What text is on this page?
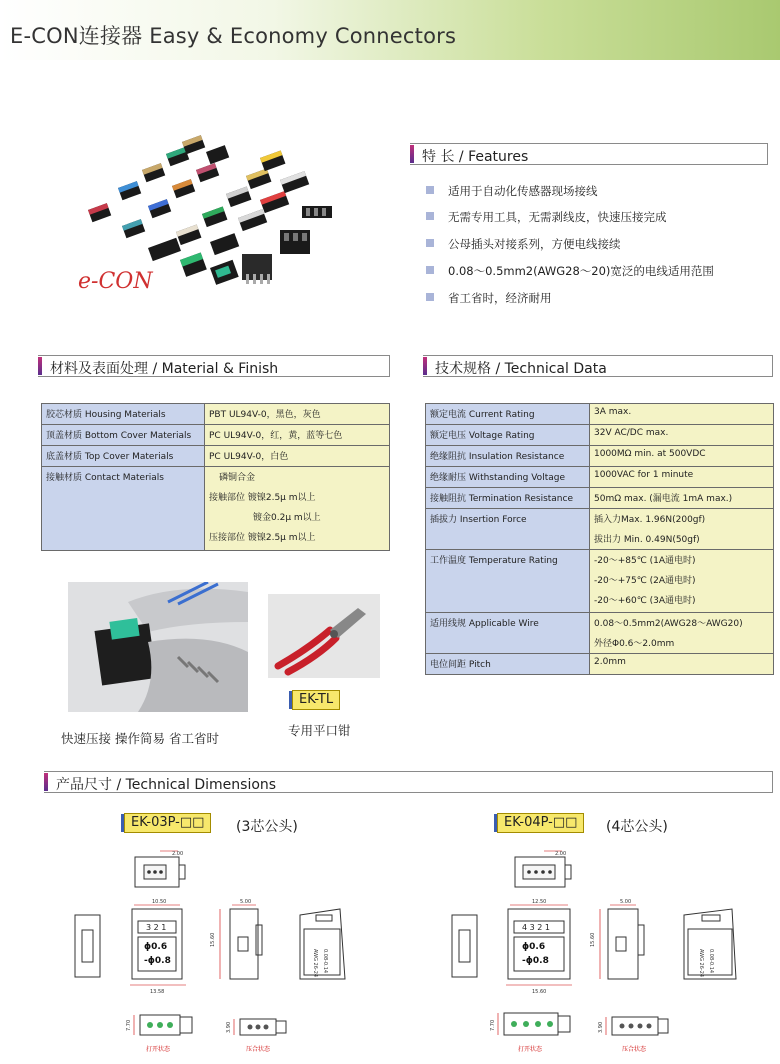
E-CON连接器 Easy & Economy Connectors
e-CON
特 长 / Features
适用于自动化传感器现场接线
无需专用工具，无需剥线皮，快速压接完成
公母插头对接系列，方便电线接续
0.08～0.5mm2(AWG28～20)宽泛的电线适用范围
省工省时，经济耐用
材料及表面处理 / Material & Finish
胶芯材质 Housing Materials	PBT UL94V-0，黑色，灰色
顶盖材质 Bottom Cover Materials	PC UL94V-0，红，黄，蓝等七色
底盖材质 Top Cover Materials	PC UL94V-0，白色
接触材质 Contact Materials	磷铜合金
接触部位 镀镍2.5μ m以上
镀金0.2μ m以上
压接部位 镀镍2.5μ m以上
技术规格 / Technical Data
额定电流 Current Rating	3A max.
额定电压 Voltage Rating	32V AC/DC max.
绝缘阻抗 Insulation Resistance	1000MΩ min. at 500VDC
绝缘耐压 Withstanding Voltage	1000VAC for 1 minute
接触阻抗 Termination Resistance	50mΩ max. (漏电流 1mA max.)
插拔力 Insertion Force	插入力Max. 1.96N(200gf)
拔出力 Min. 0.49N(50gf)

工作温度 Temperature Rating	-20～+85℃ (1A通电时)
-20～+75℃ (2A通电时)
-20～+60℃ (3A通电时)

适用线规 Applicable Wire	0.08～0.5mm2(AWG28～AWG20)
外径Φ0.6～2.0mm

电位间距 Pitch	2.0mm
快速压接 操作简易 省工省时
EK-TL
专用平口钳
产品尺寸 / Technical Dimensions
EK-03P-□□	(3芯公头)	EK-04P-□□	(4芯公头)
2.00
10.50
3 2 1
ϕ0.6
-ϕ0.8
13.58
15.60
5.00
AWG 26-24 0.08-0.14
7.70
打开状态
3.90
压合状态
2.00
12.50
4 3 2 1
ϕ0.6
-ϕ0.8
15.60
15.60
5.00
AWG 26-24 0.08-0.14
7.70
打开状态
3.90
压合状态
